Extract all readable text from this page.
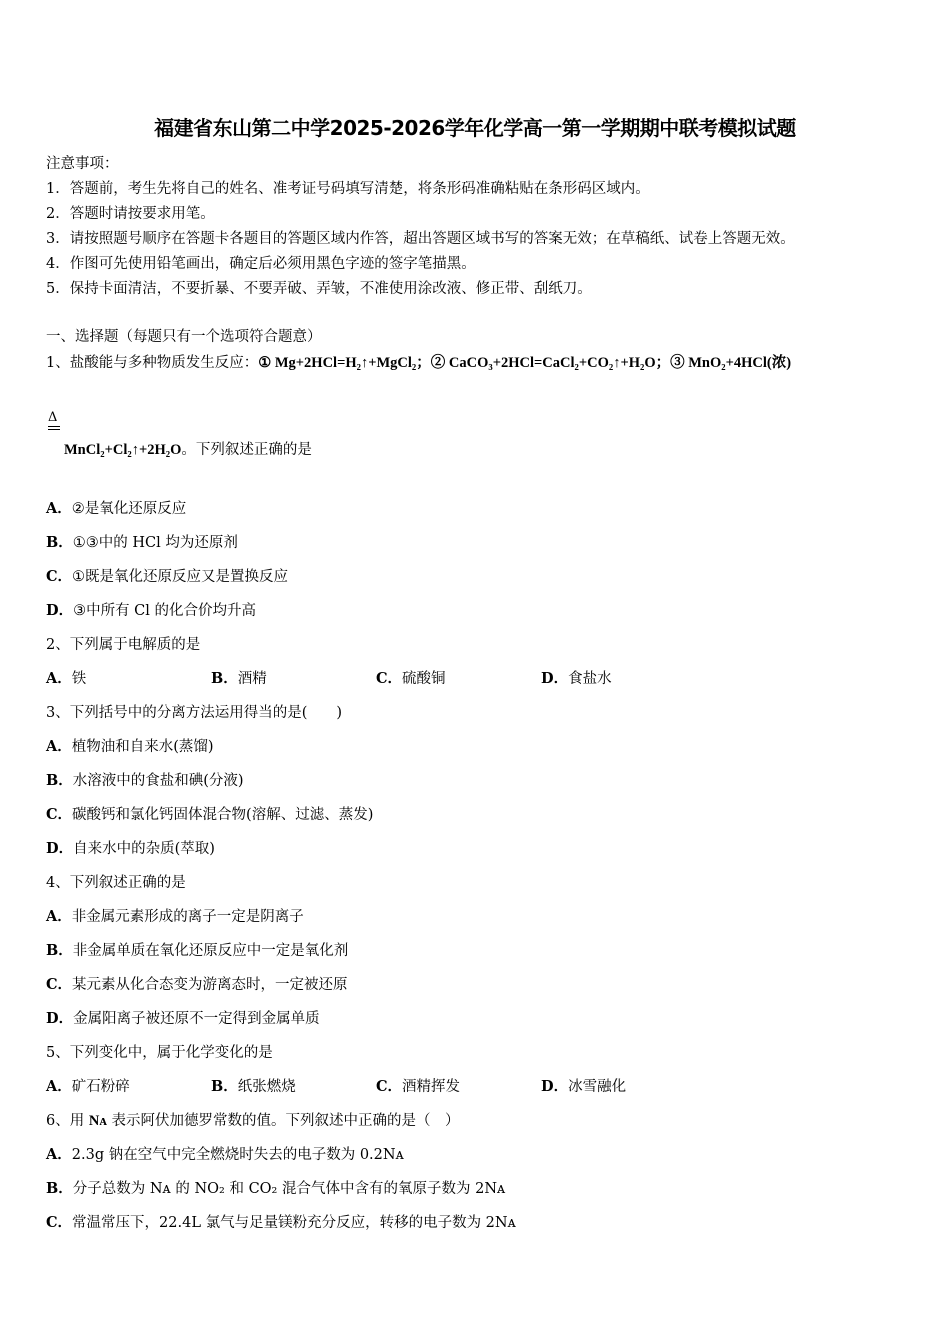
福建省东山第二中学2025-2026学年化学高一第一学期期中联考模拟试题
注意事项：
1．答题前，考生先将自己的姓名、准考证号码填写清楚，将条形码准确粘贴在条形码区域内。
2．答题时请按要求用笔。
3．请按照题号顺序在答题卡各题目的答题区域内作答，超出答题区域书写的答案无效；在草稿纸、试卷上答题无效。
4．作图可先使用铅笔画出，确定后必须用黑色字迹的签字笔描黑。
5．保持卡面清洁，不要折暴、不要弄破、弄皱，不准使用涂改液、修正带、刮纸刀。
一、选择题（每题只有一个选项符合题意）
1、盐酸能与多种物质发生反应：① Mg+2HCl=H₂↑+MgCl₂；② CaCO₃+2HCl=CaCl₂+CO₂↑+H₂O；③ MnO₂+4HCl(浓)
Δ
MnCl₂+Cl₂↑+2H₂O。下列叙述正确的是
A．②是氧化还原反应
B．①③中的 HCl 均为还原剂
C．①既是氧化还原反应又是置换反应
D．③中所有 Cl 的化合价均升高
2、下列属于电解质的是
A．铁	B．酒精	C．硫酸铜	D．食盐水
3、下列括号中的分离方法运用得当的是(　　)
A．植物油和自来水(蒸馏)
B．水溶液中的食盐和碘(分液)
C．碳酸钙和氯化钙固体混合物(溶解、过滤、蒸发)
D．自来水中的杂质(萃取)
4、下列叙述正确的是
A．非金属元素形成的离子一定是阴离子
B．非金属单质在氧化还原反应中一定是氧化剂
C．某元素从化合态变为游离态时，一定被还原
D．金属阳离子被还原不一定得到金属单质
5、下列变化中，属于化学变化的是
A．矿石粉碎	B．纸张燃烧	C．酒精挥发	D．冰雪融化
6、用 Nᴀ 表示阿伏加德罗常数的值。下列叙述中正确的是（　）
A．2.3g 钠在空气中完全燃烧时失去的电子数为 0.2Nᴀ
B．分子总数为 Nᴀ 的 NO₂ 和 CO₂ 混合气体中含有的氧原子数为 2Nᴀ
C．常温常压下，22.4L 氯气与足量镁粉充分反应，转移的电子数为 2Nᴀ
